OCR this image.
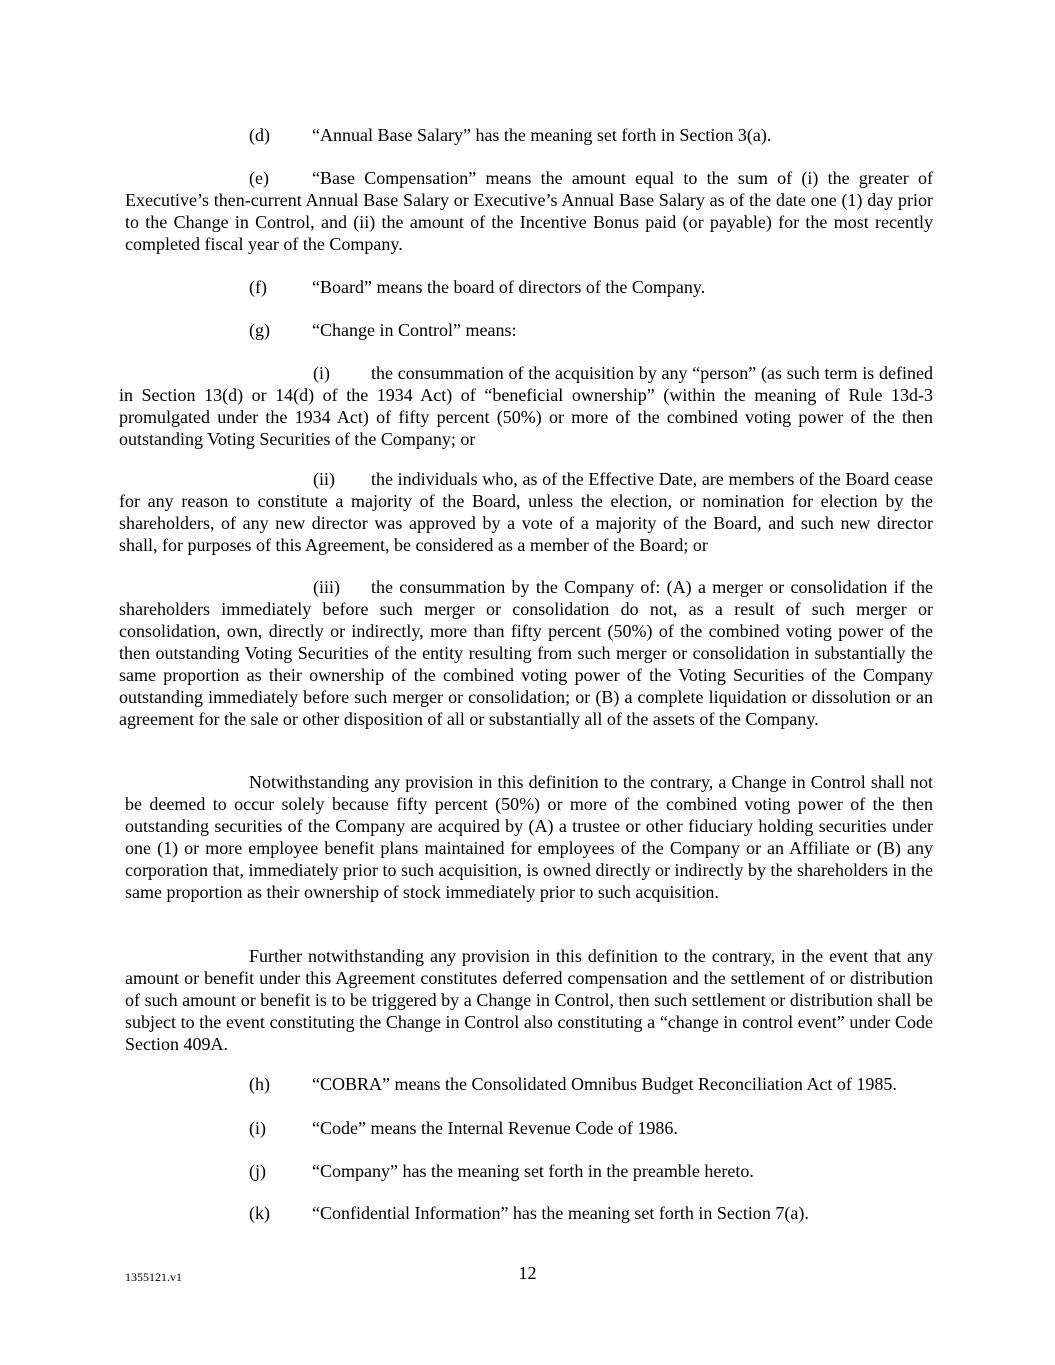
(d) “Annual Base Salary” has the meaning set forth in Section 3(a).
(e) “Base Compensation” means the amount equal to the sum of (i) the greater of Executive’s then-current Annual Base Salary or Executive’s Annual Base Salary as of the date one (1) day prior to the Change in Control, and (ii) the amount of the Incentive Bonus paid (or payable) for the most recently completed fiscal year of the Company.
(f)	“Board” means the board of directors of the Company.
(g) “Change in Control” means:
(i) the consummation of the acquisition by any “person” (as such term is defined in Section 13(d) or 14(d) of the 1934 Act) of “beneficial ownership” (within the meaning of Rule 13d-3 promulgated under the 1934 Act) of fifty percent (50%) or more of the combined voting power of the then outstanding Voting Securities of the Company; or
(ii) the individuals who, as of the Effective Date, are members of the Board cease for any reason to constitute a majority of the Board, unless the election, or nomination for election by the shareholders, of any new director was approved by a vote of a majority of the Board, and such new director shall, for purposes of this Agreement, be considered as a member of the Board; or
(iii) the consummation by the Company of: (A) a merger or consolidation if the shareholders immediately before such merger or consolidation do not, as a result of such merger or consolidation, own, directly or indirectly, more than fifty percent (50%) of the combined voting power of the then outstanding Voting Securities of the entity resulting from such merger or consolidation in substantially the same proportion as their ownership of the combined voting power of the Voting Securities of the Company outstanding immediately before such merger or consolidation; or (B) a complete liquidation or dissolution or an agreement for the sale or other disposition of all or substantially all of the assets of the Company.
Notwithstanding any provision in this definition to the contrary, a Change in Control shall not be deemed to occur solely because fifty percent (50%) or more of the combined voting power of the then outstanding securities of the Company are acquired by (A) a trustee or other fiduciary holding securities under one (1) or more employee benefit plans maintained for employees of the Company or an Affiliate or (B) any corporation that, immediately prior to such acquisition, is owned directly or indirectly by the shareholders in the same proportion as their ownership of stock immediately prior to such acquisition.
Further notwithstanding any provision in this definition to the contrary, in the event that any amount or benefit under this Agreement constitutes deferred compensation and the settlement of or distribution of such amount or benefit is to be triggered by a Change in Control, then such settlement or distribution shall be subject to the event constituting the Change in Control also constituting a “change in control event” under Code Section 409A.
(h) “COBRA” means the Consolidated Omnibus Budget Reconciliation Act of 1985.
(i)	“Code” means the Internal Revenue Code of 1986.
(j)	“Company” has the meaning set forth in the preamble hereto.
(k) “Confidential Information” has the meaning set forth in Section 7(a).
1355121.v1	12
